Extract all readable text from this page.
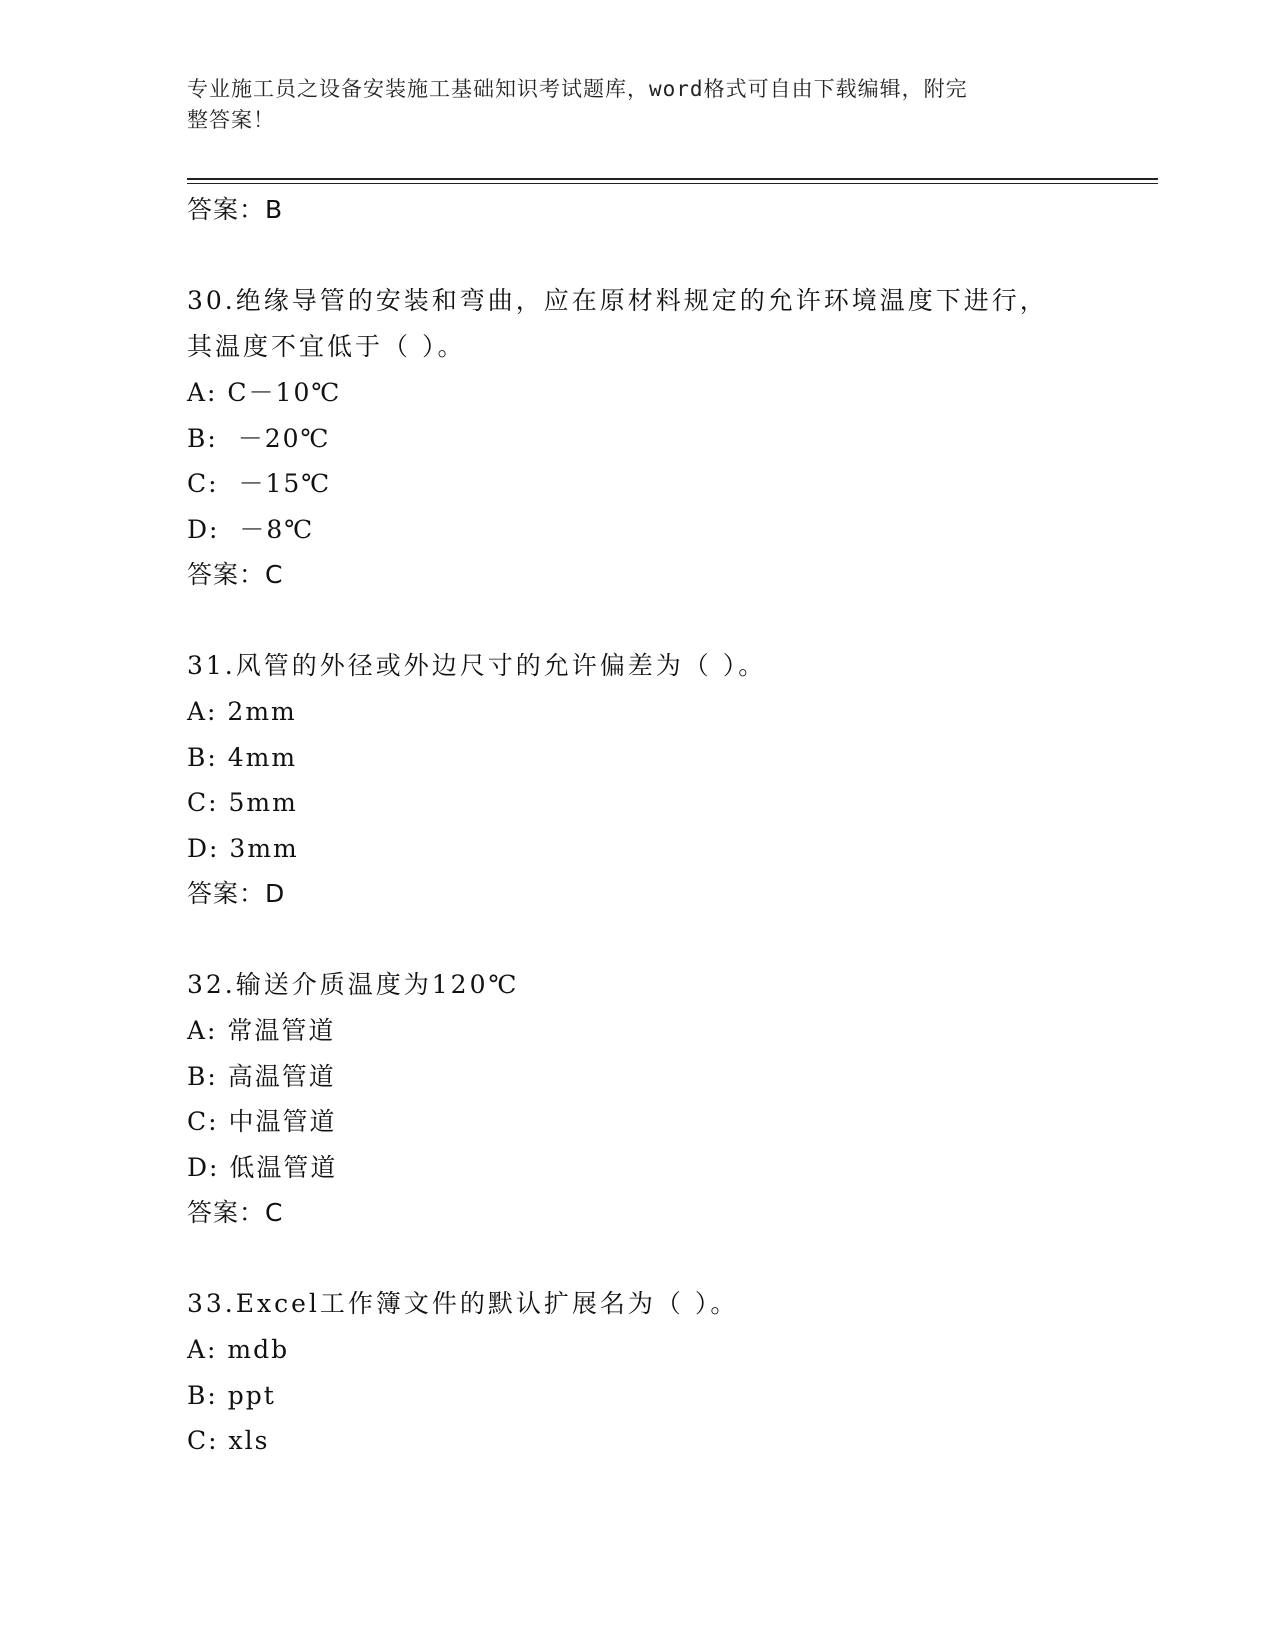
专业施工员之设备安装施工基础知识考试题库，word格式可自由下载编辑，附完
整答案！
答案：B
30.绝缘导管的安装和弯曲，应在原材料规定的允许环境温度下进行，
其温度不宜低于（ ）。
A: C－10℃
B:  －20℃
C:  －15℃
D:  －8℃
答案：C
31.风管的外径或外边尺寸的允许偏差为（ ）。
A: 2mm
B: 4mm
C: 5mm
D: 3mm
答案：D
32.输送介质温度为120℃
A: 常温管道
B: 高温管道
C: 中温管道
D: 低温管道
答案：C
33.Excel工作簿文件的默认扩展名为（ ）。
A: mdb
B: ppt
C: xls
